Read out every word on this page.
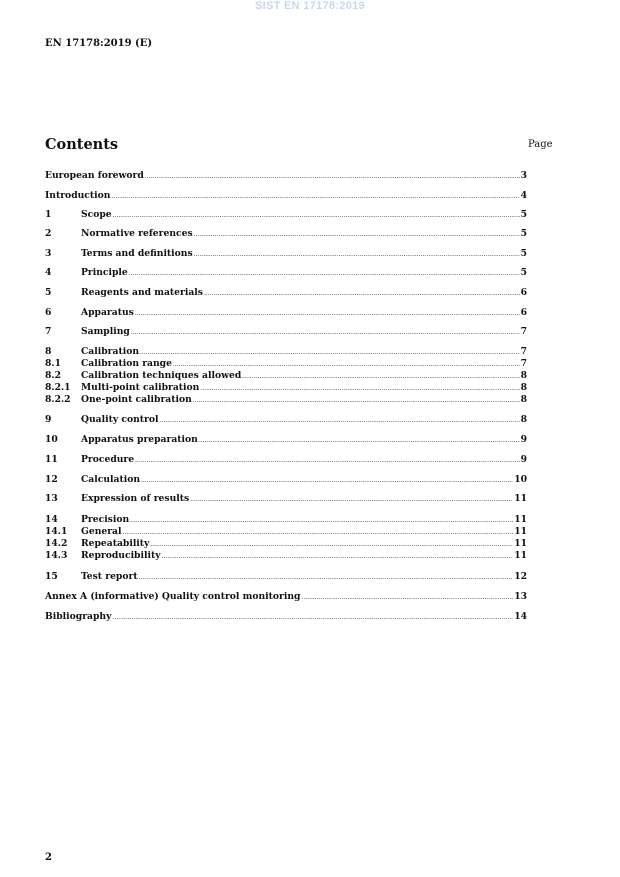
SIST EN 17178:2019
EN 17178:2019 (E)
Contents	Page
European foreword .....	3
Introduction .....	4
1	Scope .....	5
2	Normative references .....	5
3	Terms and definitions .....	5
4	Principle .....	5
5	Reagents and materials .....	6
6	Apparatus .....	6
7	Sampling .....	7
8	Calibration .....	7
8.1	Calibration range .....	7
8.2	Calibration techniques allowed .....	8
8.2.1	Multi-point calibration .....	8
8.2.2	One-point calibration .....	8
9	Quality control .....	8
10	Apparatus preparation .....	9
11	Procedure .....	9
12	Calculation .....	10
13	Expression of results .....	11
14	Precision .....	11
14.1	General .....	11
14.2	Repeatability .....	11
14.3	Reproducibility .....	11
15	Test report .....	12
Annex A (informative) Quality control monitoring .....	13
Bibliography .....	14
2
